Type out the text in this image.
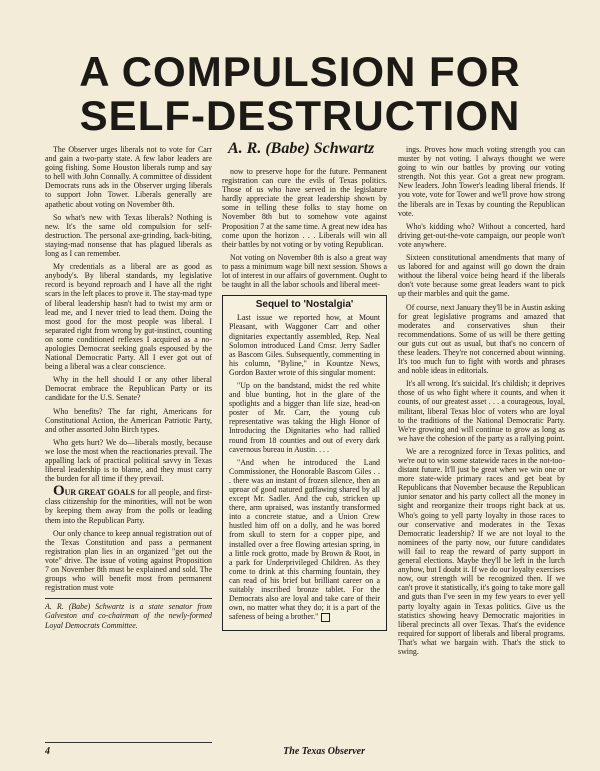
A COMPULSION FOR
SELF-DESTRUCTION
A. R. (Babe) Schwartz

The Observer urges liberals not to vote for Carr and gain a two-party state. A few labor leaders are going fishing. Some Houston liberals rump and say to hell with John Connally. A committee of dissident Democrats runs ads in the Observer urging liberals to support John Tower. Liberals generally are apathetic about voting on November 8th.

So what's new with Texas liberals? Nothing is new. It's the same old compulsion for self-destruction. The personal axe-grinding, back-biting, staying-mad nonsense that has plagued liberals as long as I can remember.

My credentials as a liberal are as good as anybody's. By liberal standards, my legislative record is beyond reproach and I have all the right scars in the left places to prove it. The stay-mad type of liberal leadership hasn't had to twist my arm or lead me, and I never tried to lead them. Doing the most good for the most people was liberal. I separated right from wrong by gut-instinct, counting on some conditioned reflexes I acquired as a no-apologies Democrat seeking goals espoused by the National Democratic Party. All I ever got out of being a liberal was a clear conscience.

Why in the hell should I or any other liberal Democrat embrace the Republican Party or its candidate for the U.S. Senate?

Who benefits? The far right, Americans for Constitutional Action, the American Patriotic Party, and other assorted John Birch types.

Who gets hurt? We do—liberals mostly, because we lose the most when the reactionaries prevail. The appalling lack of practical political savvy in Texas liberal leadership is to blame, and they must carry the burden for all time if they prevail.

OUR GREAT GOALS for all people, and first-class citizenship for the minorities, will not be won by keeping them away from the polls or leading them into the Republican Party.

Our only chance to keep annual registration out of the Texas Constitution and pass a permanent registration plan lies in an organized "get out the vote" drive. The issue of voting against Proposition 7 on November 8th must be explained and sold. The groups who will benefit most from permanent registration must vote

A. R. (Babe) Schwartz is a state senator from Galveston and co-chairman of the newly-formed Loyal Democrats Committee.

now to preserve hope for the future. Permanent registration can cure the evils of Texas politics. Those of us who have served in the legislature hardly appreciate the great leadership shown by some in telling these folks to stay home on November 8th but to somehow vote against Proposition 7 at the same time. A great new idea has come upon the horizon . . . Liberals will win all their battles by not voting or by voting Republican.

Not voting on November 8th is also a great way to pass a minimum wage bill next session. Shows a lot of interest in our affairs of government. Ought to be taught in all the labor schools and liberal meet-

Sequel to 'Nostalgia'

Last issue we reported how, at Mount Pleasant, with Waggoner Carr and other dignitaries expectantly assembled, Rep. Neal Solomon introduced Land Cmsr. Jerry Sadler as Bascom Giles. Subsequently, commenting in his column, "Byline," in Kountze News, Gordon Baxter wrote of this singular moment:

"Up on the bandstand, midst the red white and blue bunting, hot in the glare of the spotlights and a bigger than life size, head-on poster of Mr. Carr, the young cub representative was taking the High Honor of Introducing the Dignitaries who had rallied round from 18 counties and out of every dark cavernous bureau in Austin. . . .

"And when he introduced the Land Commissioner, the Honorable Bascom Giles . . . there was an instant of frozen silence, then an uproar of good natured guffawing shared by all except Mr. Sadler. And the cub, stricken up there, arm upraised, was instantly transformed into a concrete statue, and a Union Crew hustled him off on a dolly, and he was bored from skull to stern for a copper pipe, and installed over a free flowing artesian spring, in a little rock grotto, made by Brown & Root, in a park for Underprivileged Children. As they come to drink at this charming fountain, they can read of his brief but brilliant career on a suitably inscribed bronze tablet. For the Democrats also are loyal and take care of their own, no matter what they do; it is a part of the safeness of being a brother."

ings. Proves how much voting strength you can muster by not voting. I always thought we were going to win our battles by proving our voting strength. Not this year. Got a great new program. New leaders. John Tower's leading liberal friends. If you vote, vote for Tower and we'll prove how strong the liberals are in Texas by counting the Republican vote.

Who's kidding who? Without a concerted, hard driving get-out-the-vote campaign, our people won't vote anywhere.

Sixteen constitutional amendments that many of us labored for and against will go down the drain without the liberal voice being heard if the liberals don't vote because some great leaders want to pick up their marbles and quit the game.

Of course, next January they'll be in Austin asking for great legislative programs and amazed that moderates and conservatives shun their recommendations. Some of us will be there getting our guts cut out as usual, but that's no concern of these leaders. They're not concerned about winning. It's too much fun to fight with words and phrases and noble ideas in editorials.

It's all wrong. It's suicidal. It's childish; it deprives those of us who fight where it counts, and when it counts, of our greatest asset . . . a courageous, loyal, militant, liberal Texas bloc of voters who are loyal to the traditions of the National Democratic Party. We're growing and will continue to grow as long as we have the cohesion of the party as a rallying point.

We are a recognized force in Texas politics, and we're out to win some statewide races in the not-too-distant future. It'll just be great when we win one or more state-wide primary races and get beat by Republicans that November because the Republican junior senator and his party collect all the money in sight and reorganize their troops right back at us. Who's going to yell party loyalty in those races to our conservative and moderates in the Texas Democratic leadership? If we are not loyal to the nominees of the party now, our future candidates will fail to reap the reward of party support in general elections. Maybe they'll be left in the lurch anyhow, but I doubt it. If we do our loyalty exercises now, our strength will be recognized then. If we can't prove it statistically, it's going to take more gall and guts than I've seen in my few years to ever yell party loyalty again in Texas politics. Give us the statistics showing heavy Democratic majorities in liberal precincts all over Texas. That's the evidence required for support of liberals and liberal programs. That's what we bargain with. That's the stick to swing.

4	The Texas Observer
